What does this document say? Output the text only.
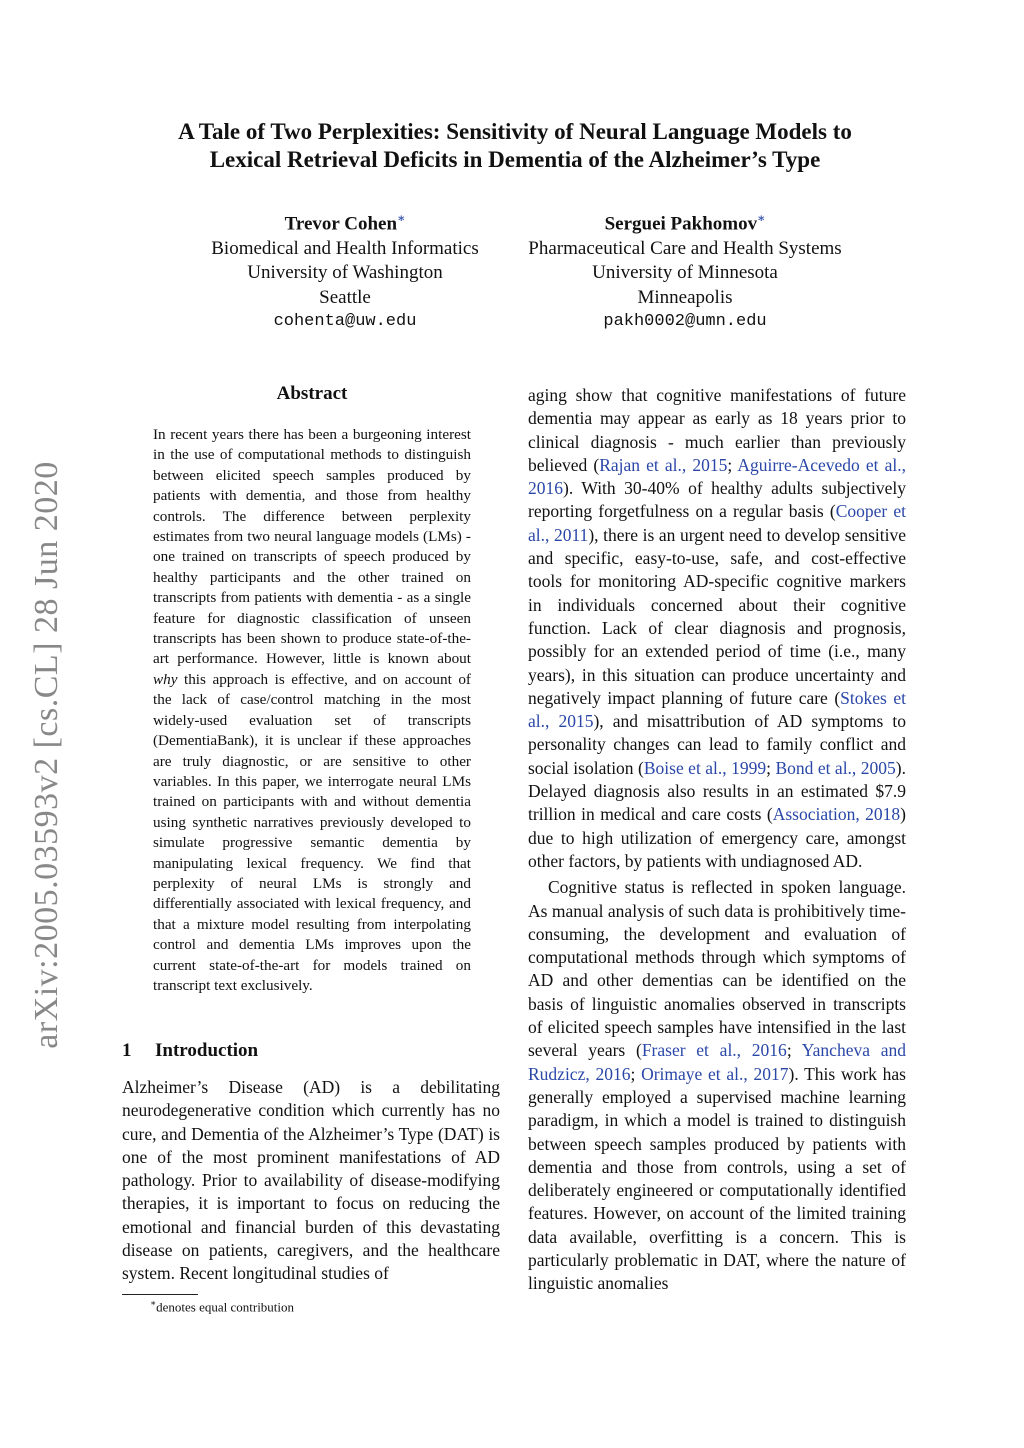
arXiv:2005.03593v2 [cs.CL] 28 Jun 2020
A Tale of Two Perplexities: Sensitivity of Neural Language Models to
Lexical Retrieval Deficits in Dementia of the Alzheimer’s Type
Trevor Cohen∗
Biomedical and Health Informatics
University of Washington
Seattle
cohenta@uw.edu
Serguei Pakhomov∗
Pharmaceutical Care and Health Systems
University of Minnesota
Minneapolis
pakh0002@umn.edu
Abstract
In recent years there has been a burgeoning interest in the use of computational methods to distinguish between elicited speech samples produced by patients with dementia, and those from healthy controls. The difference between perplexity estimates from two neural language models (LMs) - one trained on transcripts of speech produced by healthy participants and the other trained on transcripts from patients with dementia - as a single feature for diagnostic classification of unseen transcripts has been shown to produce state-of-the-art performance. However, little is known about why this approach is effective, and on account of the lack of case/control matching in the most widely-used evaluation set of transcripts (DementiaBank), it is unclear if these approaches are truly diagnostic, or are sensitive to other variables. In this paper, we interrogate neural LMs trained on participants with and without dementia using synthetic narratives previously developed to simulate progressive semantic dementia by manipulating lexical frequency. We find that perplexity of neural LMs is strongly and differentially associated with lexical frequency, and that a mixture model resulting from interpolating control and dementia LMs improves upon the current state-of-the-art for models trained on transcript text exclusively.
1 Introduction
Alzheimer’s Disease (AD) is a debilitating neurodegenerative condition which currently has no cure, and Dementia of the Alzheimer’s Type (DAT) is one of the most prominent manifestations of AD pathology. Prior to availability of disease-modifying therapies, it is important to focus on reducing the emotional and financial burden of this devastating disease on patients, caregivers, and the healthcare system. Recent longitudinal studies of
∗denotes equal contribution

aging show that cognitive manifestations of future dementia may appear as early as 18 years prior to clinical diagnosis - much earlier than previously believed (Rajan et al., 2015; Aguirre-Acevedo et al., 2016). With 30-40% of healthy adults subjectively reporting forgetfulness on a regular basis (Cooper et al., 2011), there is an urgent need to develop sensitive and specific, easy-to-use, safe, and cost-effective tools for monitoring AD-specific cognitive markers in individuals concerned about their cognitive function. Lack of clear diagnosis and prognosis, possibly for an extended period of time (i.e., many years), in this situation can produce uncertainty and negatively impact planning of future care (Stokes et al., 2015), and misattribution of AD symptoms to personality changes can lead to family conflict and social isolation (Boise et al., 1999; Bond et al., 2005). Delayed diagnosis also results in an estimated $7.9 trillion in medical and care costs (Association, 2018) due to high utilization of emergency care, amongst other factors, by patients with undiagnosed AD.

Cognitive status is reflected in spoken language. As manual analysis of such data is prohibitively time-consuming, the development and evaluation of computational methods through which symptoms of AD and other dementias can be identified on the basis of linguistic anomalies observed in transcripts of elicited speech samples have intensified in the last several years (Fraser et al., 2016; Yancheva and Rudzicz, 2016; Orimaye et al., 2017). This work has generally employed a supervised machine learning paradigm, in which a model is trained to distinguish between speech samples produced by patients with dementia and those from controls, using a set of deliberately engineered or computationally identified features. However, on account of the limited training data available, overfitting is a concern. This is particularly problematic in DAT, where the nature of linguistic anomalies
